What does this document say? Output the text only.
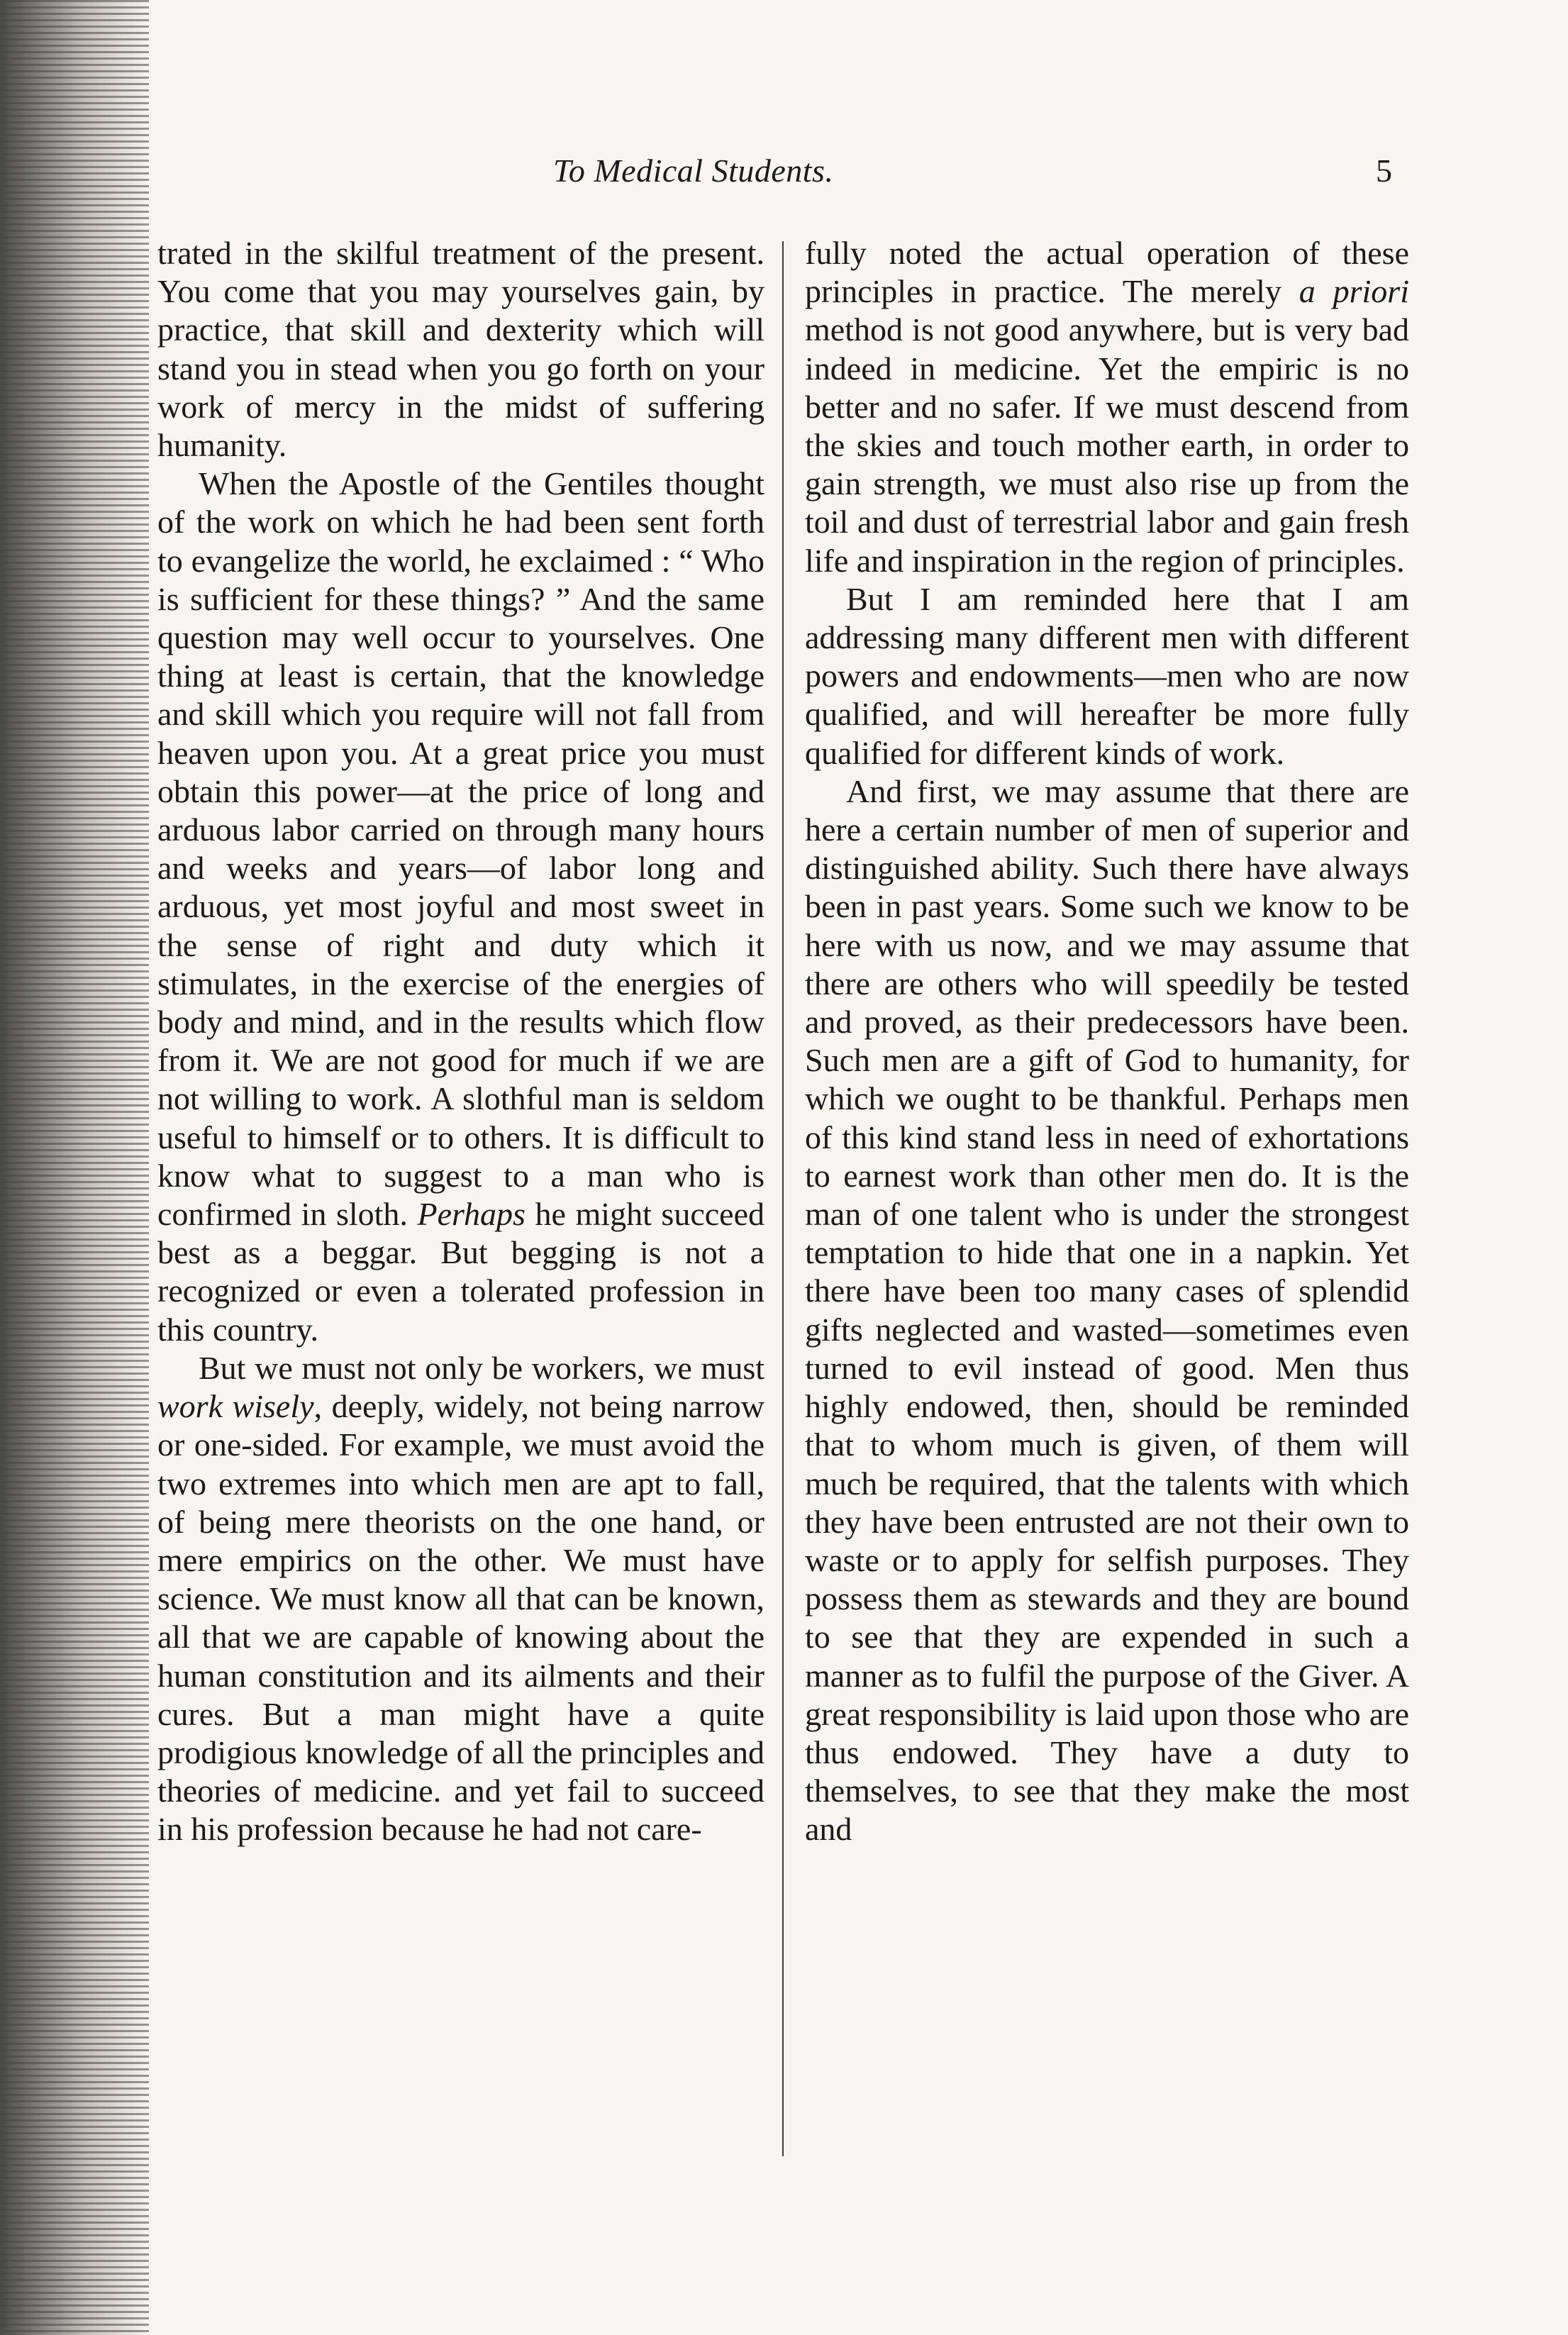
To Medical Students.	5

trated in the skilful treatment of the present. You come that you may yourselves gain, by practice, that skill and dexterity which will stand you in stead when you go forth on your work of mercy in the midst of suffering humanity.

When the Apostle of the Gentiles thought of the work on which he had been sent forth to evangelize the world, he exclaimed : “ Who is sufficient for these things? ” And the same question may well occur to yourselves. One thing at least is certain, that the knowledge and skill which you require will not fall from heaven upon you. At a great price you must obtain this power—at the price of long and arduous labor carried on through many hours and weeks and years—of labor long and arduous, yet most joyful and most sweet in the sense of right and duty which it stimulates, in the exercise of the energies of body and mind, and in the results which flow from it. We are not good for much if we are not willing to work. A slothful man is seldom useful to himself or to others. It is difficult to know what to suggest to a man who is confirmed in sloth. Perhaps he might succeed best as a beggar. But begging is not a recognized or even a tolerated profession in this country.

But we must not only be workers, we must work wisely, deeply, widely, not being narrow or one-sided. For example, we must avoid the two extremes into which men are apt to fall, of being mere theorists on the one hand, or mere empirics on the other. We must have science. We must know all that can be known, all that we are capable of knowing about the human constitution and its ailments and their cures. But a man might have a quite prodigious knowledge of all the principles and theories of medicine. and yet fail to succeed in his profession because he had not care-

fully noted the actual operation of these principles in practice. The merely a priori method is not good anywhere, but is very bad indeed in medicine. Yet the empiric is no better and no safer. If we must descend from the skies and touch mother earth, in order to gain strength, we must also rise up from the toil and dust of terrestrial labor and gain fresh life and inspiration in the region of principles.

But I am reminded here that I am addressing many different men with different powers and endowments—men who are now qualified, and will hereafter be more fully qualified for different kinds of work.

And first, we may assume that there are here a certain number of men of superior and distinguished ability. Such there have always been in past years. Some such we know to be here with us now, and we may assume that there are others who will speedily be tested and proved, as their predecessors have been. Such men are a gift of God to humanity, for which we ought to be thankful. Perhaps men of this kind stand less in need of exhortations to earnest work than other men do. It is the man of one talent who is under the strongest temptation to hide that one in a napkin. Yet there have been too many cases of splendid gifts neglected and wasted—sometimes even turned to evil instead of good. Men thus highly endowed, then, should be reminded that to whom much is given, of them will much be required, that the talents with which they have been entrusted are not their own to waste or to apply for selfish purposes. They possess them as stewards and they are bound to see that they are expended in such a manner as to fulfil the purpose of the Giver. A great responsibility is laid upon those who are thus endowed. They have a duty to themselves, to see that they make the most and
